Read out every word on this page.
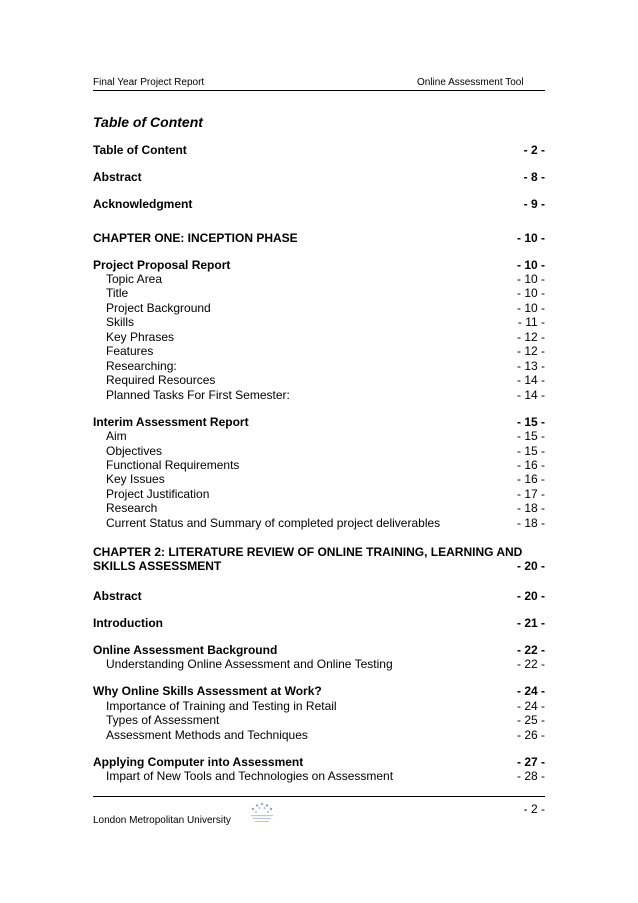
Final Year Project Report	Online Assessment Tool
Table of Content
Table of Content	- 2 -
Abstract	- 8 -
Acknowledgment	- 9 -
CHAPTER ONE: INCEPTION PHASE	- 10 -
Project Proposal Report	- 10 -
Topic Area	- 10 -
Title	- 10 -
Project Background	- 10 -
Skills	- 11 -
Key Phrases	- 12 -
Features	- 12 -
Researching:	- 13 -
Required Resources	- 14 -
Planned Tasks For First Semester:	- 14 -
Interim Assessment Report	- 15 -
Aim	- 15 -
Objectives	- 15 -
Functional Requirements	- 16 -
Key Issues	- 16 -
Project Justification	- 17 -
Research	- 18 -
Current Status and Summary of completed project deliverables	- 18 -
CHAPTER 2: LITERATURE REVIEW OF ONLINE TRAINING, LEARNING AND SKILLS ASSESSMENT	- 20 -
Abstract	- 20 -
Introduction	- 21 -
Online Assessment Background	- 22 -
Understanding Online Assessment and Online Testing	- 22 -
Why Online Skills Assessment at Work?	- 24 -
Importance of Training and Testing in Retail	- 24 -
Types of Assessment	- 25 -
Assessment Methods and Techniques	- 26 -
Applying Computer into Assessment	- 27 -
Impart of New Tools and Technologies on Assessment	- 28 -
- 2 -
London Metropolitan University
